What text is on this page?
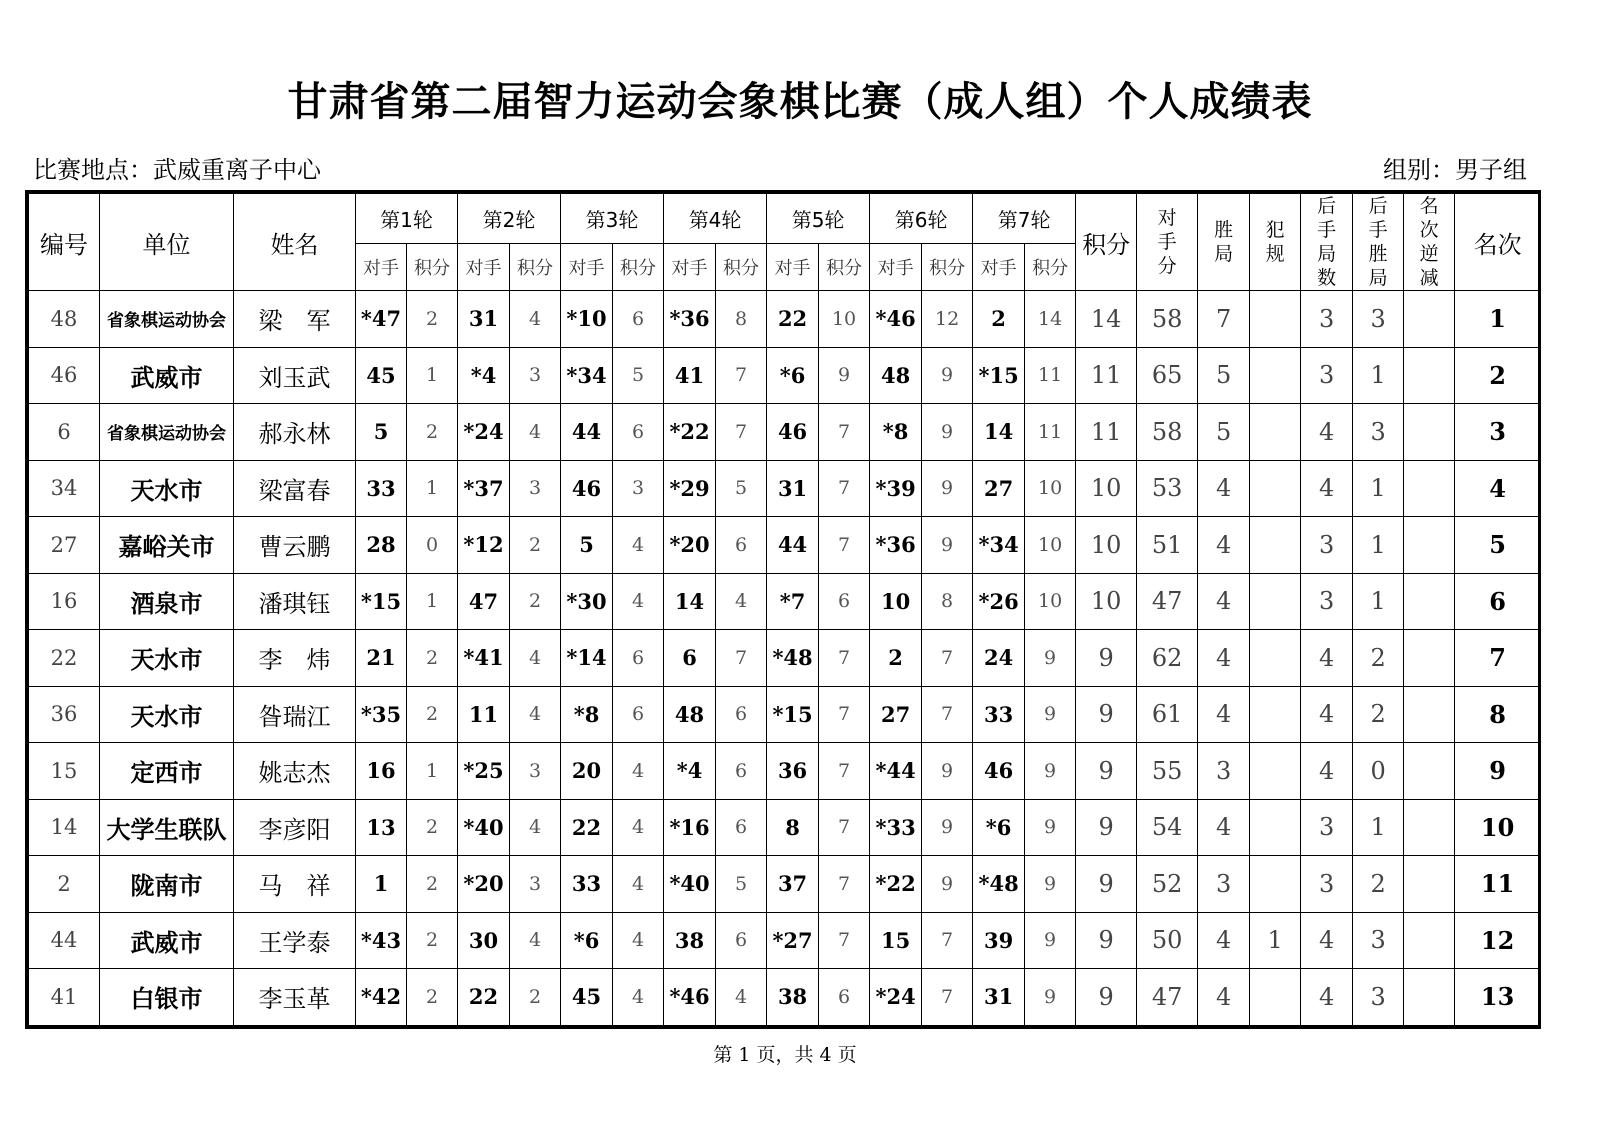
甘肃省第二届智力运动会象棋比赛（成人组）个人成绩表
比赛地点：武威重离子中心	组别：男子组
编号	单位	姓名	第1轮		第2轮		第3轮		第4轮		第5轮		第6轮		第7轮		积分	对手分	胜局	犯规	后手局数	后手胜局	名次逆减	名次
			对手	积分	对手	积分	对手	积分	对手	积分	对手	积分	对手	积分	对手	积分								
48	省象棋运动协会	梁　军	*47	2	31	4	*10	6	*36	8	22	10	*46	12	2	14	14	58	7		3	3		1
46	武威市	刘玉武	45	1	*4	3	*34	5	41	7	*6	9	48	9	*15	11	11	65	5		3	1		2
6	省象棋运动协会	郝永林	5	2	*24	4	44	6	*22	7	46	7	*8	9	14	11	11	58	5		4	3		3
34	天水市	梁富春	33	1	*37	3	46	3	*29	5	31	7	*39	9	27	10	10	53	4		4	1		4
27	嘉峪关市	曹云鹏	28	0	*12	2	5	4	*20	6	44	7	*36	9	*34	10	10	51	4		3	1		5
16	酒泉市	潘琪钰	*15	1	47	2	*30	4	14	4	*7	6	10	8	*26	10	10	47	4		3	1		6
22	天水市	李　炜	21	2	*41	4	*14	6	6	7	*48	7	2	7	24	9	9	62	4		4	2		7
36	天水市	昝瑞江	*35	2	11	4	*8	6	48	6	*15	7	27	7	33	9	9	61	4		4	2		8
15	定西市	姚志杰	16	1	*25	3	20	4	*4	6	36	7	*44	9	46	9	9	55	3		4	0		9
14	大学生联队	李彦阳	13	2	*40	4	22	4	*16	6	8	7	*33	9	*6	9	9	54	4		3	1		10
2	陇南市	马　祥	1	2	*20	3	33	4	*40	5	37	7	*22	9	*48	9	9	52	3		3	2		11
44	武威市	王学泰	*43	2	30	4	*6	4	38	6	*27	7	15	7	39	9	9	50	4	1	4	3		12
41	白银市	李玉革	*42	2	22	2	45	4	*46	4	38	6	*24	7	31	9	9	47	4		4	3		13
第 1 页，共 4 页
